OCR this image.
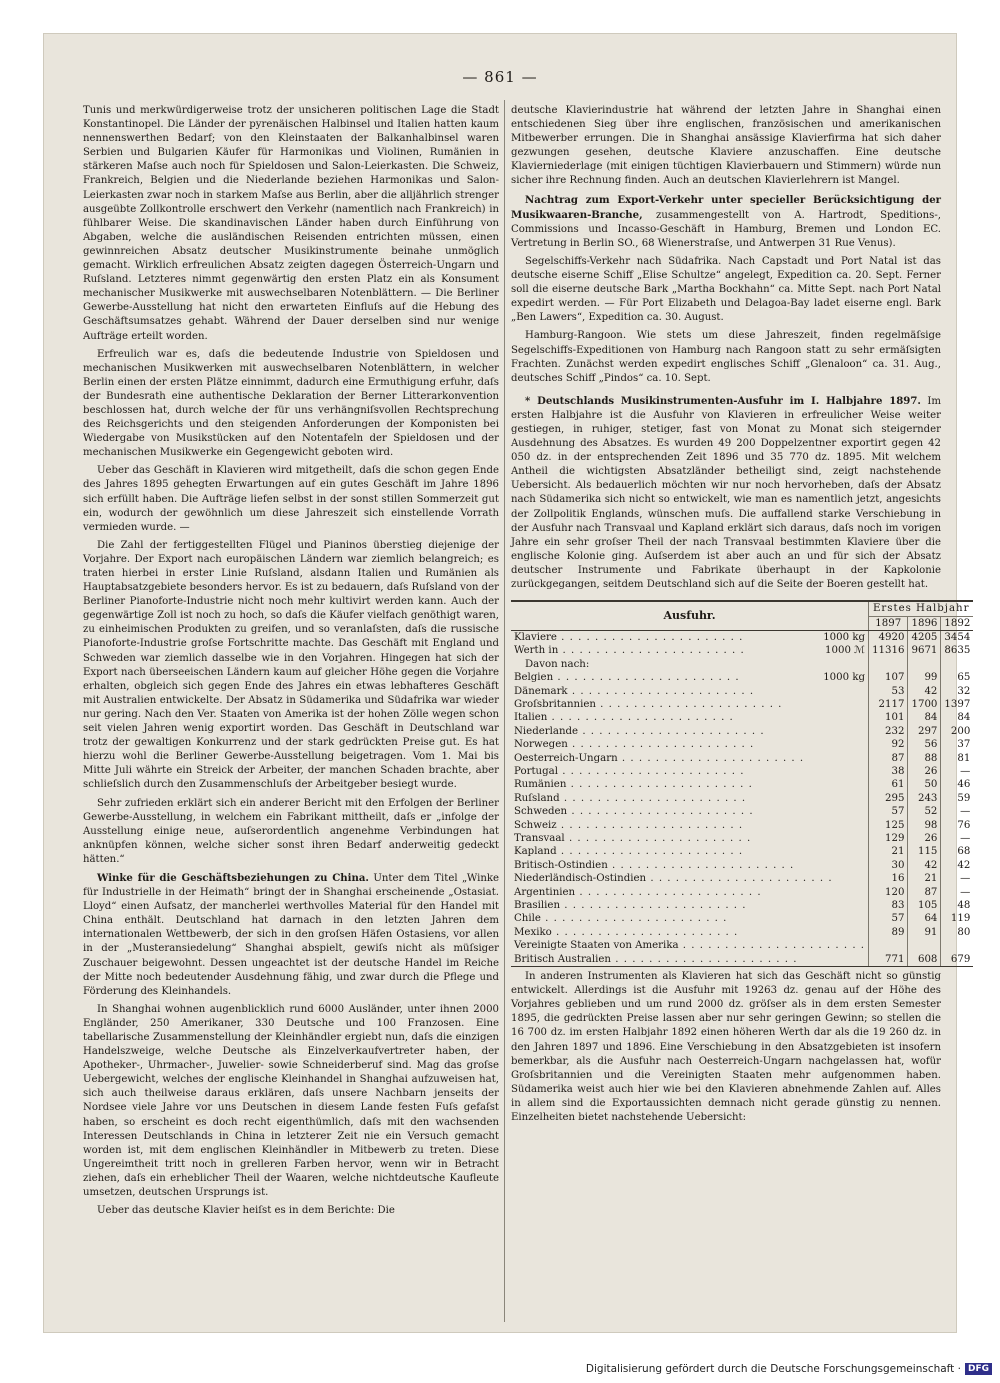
— 861 —

Tunis und merkwürdigerweise trotz der unsicheren politischen Lage die Stadt Konstantinopel. Die Länder der pyrenäischen Halbinsel und Italien hatten kaum nennenswerthen Bedarf; von den Kleinstaaten der Balkanhalbinsel waren Serbien und Bulgarien Käufer für Harmonikas und Violinen, Rumänien in stärkeren Maſse auch noch für Spieldosen und Salon-Leierkasten. Die Schweiz, Frankreich, Belgien und die Niederlande beziehen Harmonikas und Salon-Leierkasten zwar noch in starkem Maſse aus Berlin, aber die alljährlich strenger ausgeübte Zollkontrolle erschwert den Verkehr (namentlich nach Frankreich) in fühlbarer Weise. Die skandinavischen Länder haben durch Einführung von Abgaben, welche die ausländischen Reisenden entrichten müssen, einen gewinnreichen Absatz deutscher Musikinstrumente beinahe unmöglich gemacht. Wirklich erfreulichen Absatz zeigten dagegen Österreich-Ungarn und Ruſsland. Letzteres nimmt gegenwärtig den ersten Platz ein als Konsument mechanischer Musikwerke mit auswechselbaren Notenblättern. — Die Berliner Gewerbe-Ausstellung hat nicht den erwarteten Einfluſs auf die Hebung des Geschäftsumsatzes gehabt. Während der Dauer derselben sind nur wenige Aufträge erteilt worden.

Erfreulich war es, daſs die bedeutende Industrie von Spieldosen und mechanischen Musikwerken mit auswechselbaren Notenblättern, in welcher Berlin einen der ersten Plätze einnimmt, dadurch eine Ermuthigung erfuhr, daſs der Bundesrath eine authentische Deklaration der Berner Litterarkonvention beschlossen hat, durch welche der für uns verhängniſsvollen Rechtsprechung des Reichsgerichts und den steigenden Anforderungen der Komponisten bei Wiedergabe von Musikstücken auf den Notentafeln der Spieldosen und der mechanischen Musikwerke ein Gegengewicht geboten wird.

Ueber das Geschäft in Klavieren wird mitgetheilt, daſs die schon gegen Ende des Jahres 1895 gehegten Erwartungen auf ein gutes Geschäft im Jahre 1896 sich erfüllt haben. Die Aufträge liefen selbst in der sonst stillen Sommerzeit gut ein, wodurch der gewöhnlich um diese Jahreszeit sich einstellende Vorrath vermieden wurde. —

Die Zahl der fertiggestellten Flügel und Pianinos überstieg diejenige der Vorjahre. Der Export nach europäischen Ländern war ziemlich belangreich; es traten hierbei in erster Linie Ruſsland, alsdann Italien und Rumänien als Hauptabsatzgebiete besonders hervor. Es ist zu bedauern, daſs Ruſsland von der Berliner Pianoforte-Industrie nicht noch mehr kultivirt werden kann. Auch der gegenwärtige Zoll ist noch zu hoch, so daſs die Käufer vielfach genöthigt waren, zu einheimischen Produkten zu greifen, und so veranlaſsten, daſs die russische Pianoforte-Industrie groſse Fortschritte machte. Das Geschäft mit England und Schweden war ziemlich dasselbe wie in den Vorjahren. Hingegen hat sich der Export nach überseeischen Ländern kaum auf gleicher Höhe gegen die Vorjahre erhalten, obgleich sich gegen Ende des Jahres ein etwas lebhafteres Geschäft mit Australien entwickelte. Der Absatz in Südamerika und Südafrika war wieder nur gering. Nach den Ver. Staaten von Amerika ist der hohen Zölle wegen schon seit vielen Jahren wenig exportirt worden. Das Geschäft in Deutschland war trotz der gewaltigen Konkurrenz und der stark gedrückten Preise gut. Es hat hierzu wohl die Berliner Gewerbe-Ausstellung beigetragen. Vom 1. Mai bis Mitte Juli währte ein Streick der Arbeiter, der manchen Schaden brachte, aber schlieſslich durch den Zusammenschluſs der Arbeitgeber besiegt wurde.

Sehr zufrieden erklärt sich ein anderer Bericht mit den Erfolgen der Berliner Gewerbe-Ausstellung, in welchem ein Fabrikant mittheilt, daſs er „infolge der Ausstellung einige neue, auſserordentlich angenehme Verbindungen hat anknüpfen können, welche sicher sonst ihren Bedarf anderweitig gedeckt hätten.“

Winke für die Geschäftsbeziehungen zu China. Unter dem Titel „Winke für Industrielle in der Heimath“ bringt der in Shanghai erscheinende „Ostasiat. Lloyd“ einen Aufsatz, der mancherlei werthvolles Material für den Handel mit China enthält. Deutschland hat darnach in den letzten Jahren dem internationalen Wettbewerb, der sich in den groſsen Häfen Ostasiens, vor allen in der „Musteransiedelung“ Shanghai abspielt, gewiſs nicht als müſsiger Zuschauer beigewohnt. Dessen ungeachtet ist der deutsche Handel im Reiche der Mitte noch bedeutender Ausdehnung fähig, und zwar durch die Pflege und Förderung des Kleinhandels.

In Shanghai wohnen augenblicklich rund 6000 Ausländer, unter ihnen 2000 Engländer, 250 Amerikaner, 330 Deutsche und 100 Franzosen. Eine tabellarische Zusammenstellung der Kleinhändler ergiebt nun, daſs die einzigen Handelszweige, welche Deutsche als Einzelverkaufvertreter haben, der Apotheker-, Uhrmacher-, Juwelier- sowie Schneiderberuf sind. Mag das groſse Uebergewicht, welches der englische Kleinhandel in Shanghai aufzuweisen hat, sich auch theilweise daraus erklären, daſs unsere Nachbarn jenseits der Nordsee viele Jahre vor uns Deutschen in diesem Lande festen Fuſs gefaſst haben, so erscheint es doch recht eigenthümlich, daſs mit den wachsenden Interessen Deutschlands in China in letzterer Zeit nie ein Versuch gemacht worden ist, mit dem englischen Kleinhändler in Mitbewerb zu treten. Diese Ungereimtheit tritt noch in grelleren Farben hervor, wenn wir in Betracht ziehen, daſs ein erheblicher Theil der Waaren, welche nichtdeutsche Kaufleute umsetzen, deutschen Ursprungs ist.

Ueber das deutsche Klavier heiſst es in dem Berichte: Die

deutsche Klavierindustrie hat während der letzten Jahre in Shanghai einen entschiedenen Sieg über ihre englischen, französischen und amerikanischen Mitbewerber errungen. Die in Shanghai ansässige Klavierfirma hat sich daher gezwungen gesehen, deutsche Klaviere anzuschaffen. Eine deutsche Klavierniederlage (mit einigen tüchtigen Klavierbauern und Stimmern) würde nun sicher ihre Rechnung finden. Auch an deutschen Klavierlehrern ist Mangel.

Nachtrag zum Export-Verkehr unter specieller Berücksichtigung der Musikwaaren-Branche, zusammengestellt von A. Hartrodt, Speditions-, Commissions und Incasso-Geschäft in Hamburg, Bremen und London EC. Vertretung in Berlin SO., 68 Wienerstraſse, und Antwerpen 31 Rue Venus).

Segelschiffs-Verkehr nach Südafrika. Nach Capstadt und Port Natal ist das deutsche eiserne Schiff „Elise Schultze“ angelegt, Expedition ca. 20. Sept. Ferner soll die eiserne deutsche Bark „Martha Bockhahn“ ca. Mitte Sept. nach Port Natal expedirt werden. — Für Port Elizabeth und Delagoa-Bay ladet eiserne engl. Bark „Ben Lawers“, Expedition ca. 30. August.

Hamburg-Rangoon. Wie stets um diese Jahreszeit, finden regelmäſsige Segelschiffs-Expeditionen von Hamburg nach Rangoon statt zu sehr ermäſsigten Frachten. Zunächst werden expedirt englisches Schiff „Glenaloon“ ca. 31. Aug., deutsches Schiff „Pindos“ ca. 10. Sept.

* Deutschlands Musikinstrumenten-Ausfuhr im I. Halbjahre 1897. Im ersten Halbjahre ist die Ausfuhr von Klavieren in erfreulicher Weise weiter gestiegen, in ruhiger, stetiger, fast von Monat zu Monat sich steigernder Ausdehnung des Absatzes. Es wurden 49 200 Doppelzentner exportirt gegen 42 050 dz. in der entsprechenden Zeit 1896 und 35 770 dz. 1895. Mit welchem Antheil die wichtigsten Absatzländer betheiligt sind, zeigt nachstehende Uebersicht. Als bedauerlich möchten wir nur noch hervorheben, daſs der Absatz nach Südamerika sich nicht so entwickelt, wie man es namentlich jetzt, angesichts der Zollpolitik Englands, wünschen muſs. Die auffallend starke Verschiebung in der Ausfuhr nach Transvaal und Kapland erklärt sich daraus, daſs noch im vorigen Jahre ein sehr groſser Theil der nach Transvaal bestimmten Klaviere über die englische Kolonie ging. Auſserdem ist aber auch an und für sich der Absatz deutscher Instrumente und Fabrikate überhaupt in der Kapkolonie zurückgegangen, seitdem Deutschland sich auf die Seite der Boeren gestellt hat.

Ausfuhr.	Erstes Halbjahr		
	1897	1896	1892

1000 kg
Klaviere . . . . . . . . . . . . . . . . . . . . . .	4920	4205	3454

1000 ℳ
Werth in . . . . . . . . . . . . . . . . . . . . . .	11316	9671	8635
Davon nach:			

1000 kg
Belgien . . . . . . . . . . . . . . . . . . . . . .	107	99	65
Dänemark . . . . . . . . . . . . . . . . . . . . . .	53	42	32
Groſsbritannien . . . . . . . . . . . . . . . . . . . . . .	2117	1700	1397
Italien . . . . . . . . . . . . . . . . . . . . . .	101	84	84
Niederlande . . . . . . . . . . . . . . . . . . . . . .	232	297	200
Norwegen . . . . . . . . . . . . . . . . . . . . . .	92	56	37
Oesterreich-Ungarn . . . . . . . . . . . . . . . . . . . . . .	87	88	81
Portugal . . . . . . . . . . . . . . . . . . . . . .	38	26	—
Rumänien . . . . . . . . . . . . . . . . . . . . . .	61	50	46
Ruſsland . . . . . . . . . . . . . . . . . . . . . .	295	243	59
Schweden . . . . . . . . . . . . . . . . . . . . . .	57	52	—
Schweiz . . . . . . . . . . . . . . . . . . . . . .	125	98	76
Transvaal . . . . . . . . . . . . . . . . . . . . . .	129	26	—
Kapland . . . . . . . . . . . . . . . . . . . . . .	21	115	68
Britisch-Ostindien . . . . . . . . . . . . . . . . . . . . . .	30	42	42
Niederländisch-Ostindien . . . . . . . . . . . . . . . . . . . . . .	16	21	—
Argentinien . . . . . . . . . . . . . . . . . . . . . .	120	87	—
Brasilien . . . . . . . . . . . . . . . . . . . . . .	83	105	48
Chile . . . . . . . . . . . . . . . . . . . . . .	57	64	119
Mexiko . . . . . . . . . . . . . . . . . . . . . .	89	91	80
Vereinigte Staaten von Amerika . . . . . . . . . . . . . . . . . . . . . .			
Britisch Australien . . . . . . . . . . . . . . . . . . . . . .	771	608	679

In anderen Instrumenten als Klavieren hat sich das Geschäft nicht so günstig entwickelt. Allerdings ist die Ausfuhr mit 19263 dz. genau auf der Höhe des Vorjahres geblieben und um rund 2000 dz. gröſser als in dem ersten Semester 1895, die gedrückten Preise lassen aber nur sehr geringen Gewinn; so stellen die 16 700 dz. im ersten Halbjahr 1892 einen höheren Werth dar als die 19 260 dz. in den Jahren 1897 und 1896. Eine Verschiebung in den Absatzgebieten ist insofern bemerkbar, als die Ausfuhr nach Oesterreich-Ungarn nachgelassen hat, wofür Groſsbritannien und die Vereinigten Staaten mehr aufgenommen haben. Südamerika weist auch hier wie bei den Klavieren abnehmende Zahlen auf. Alles in allem sind die Exportaussichten demnach nicht gerade günstig zu nennen. Einzelheiten bietet nachstehende Uebersicht:

Digitalisierung gefördert durch die Deutsche Forschungsgemeinschaft · DFG
